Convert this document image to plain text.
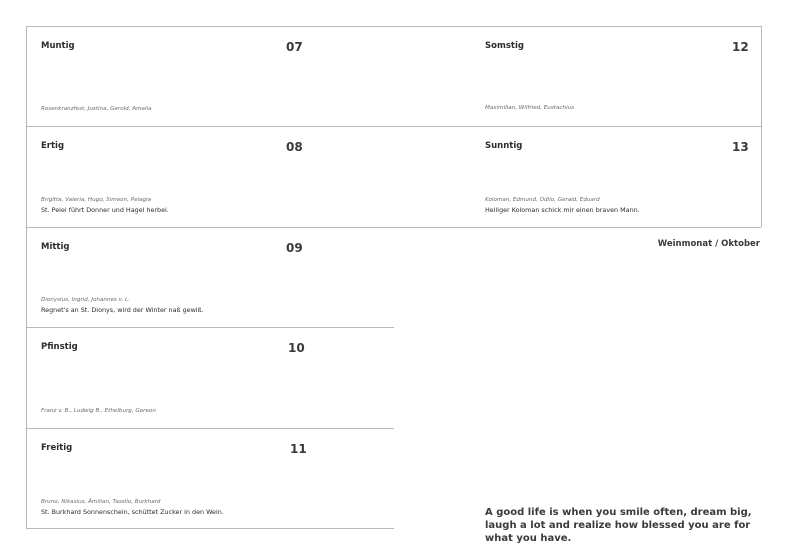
Muntig	07
Rosenkranzfest, Justina, Gerold, Amalia
Ertig	08
Brigitta, Valeria, Hugo, Simeon, Pelagia
St. Pelei führt Donner und Hagel herbei.
Mittig	09
Dionysius, Ingrid, Johannes v. L.
Regnet's an St. Dionys, wird der Winter naß gewiß.
Pfinstig	10
Franz v. B., Ludwig B., Ethelburg, Gereon
Freitig	11
Bruno, Nikasius, Ämilian, Tassilo, Burkhard
St. Burkhard Sonnenschein, schüttet Zucker in den Wein.
Somstig	12
Maximilian, Wilfried, Eustachius
Sunntig	13
Koloman, Edmund, Odilo, Gerald, Eduard
Heiliger Koloman schick mir einen braven Mann.
Weinmonat / Oktober
A good life is when you smile often, dream big, laugh a lot and realize how blessed you are for what you have.
